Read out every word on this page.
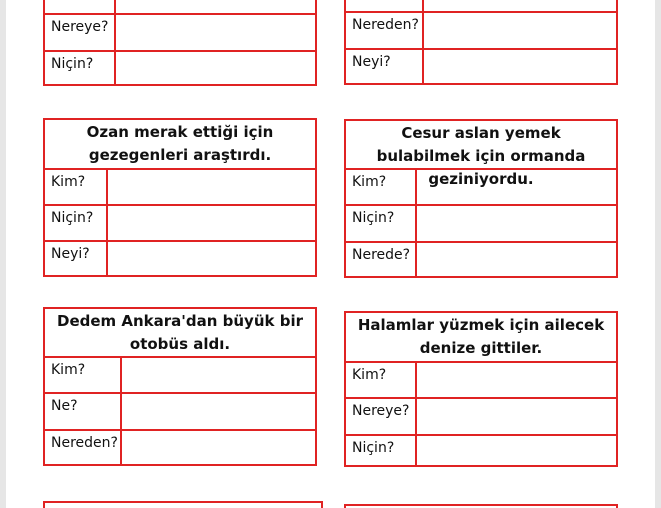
Nereye?
Niçin?
Nereden?
Neyi?
Ozan merak ettiği için gezegenleri araştırdı.
Kim?
Niçin?
Neyi?
Cesur aslan yemek bulabilmek için ormanda geziniyordu.
Kim?
Niçin?
Nerede?
Dedem Ankara'dan büyük bir otobüs aldı.
Kim?
Ne?
Nereden?
Halamlar yüzmek için ailecek denize gittiler.
Kim?
Nereye?
Niçin?
